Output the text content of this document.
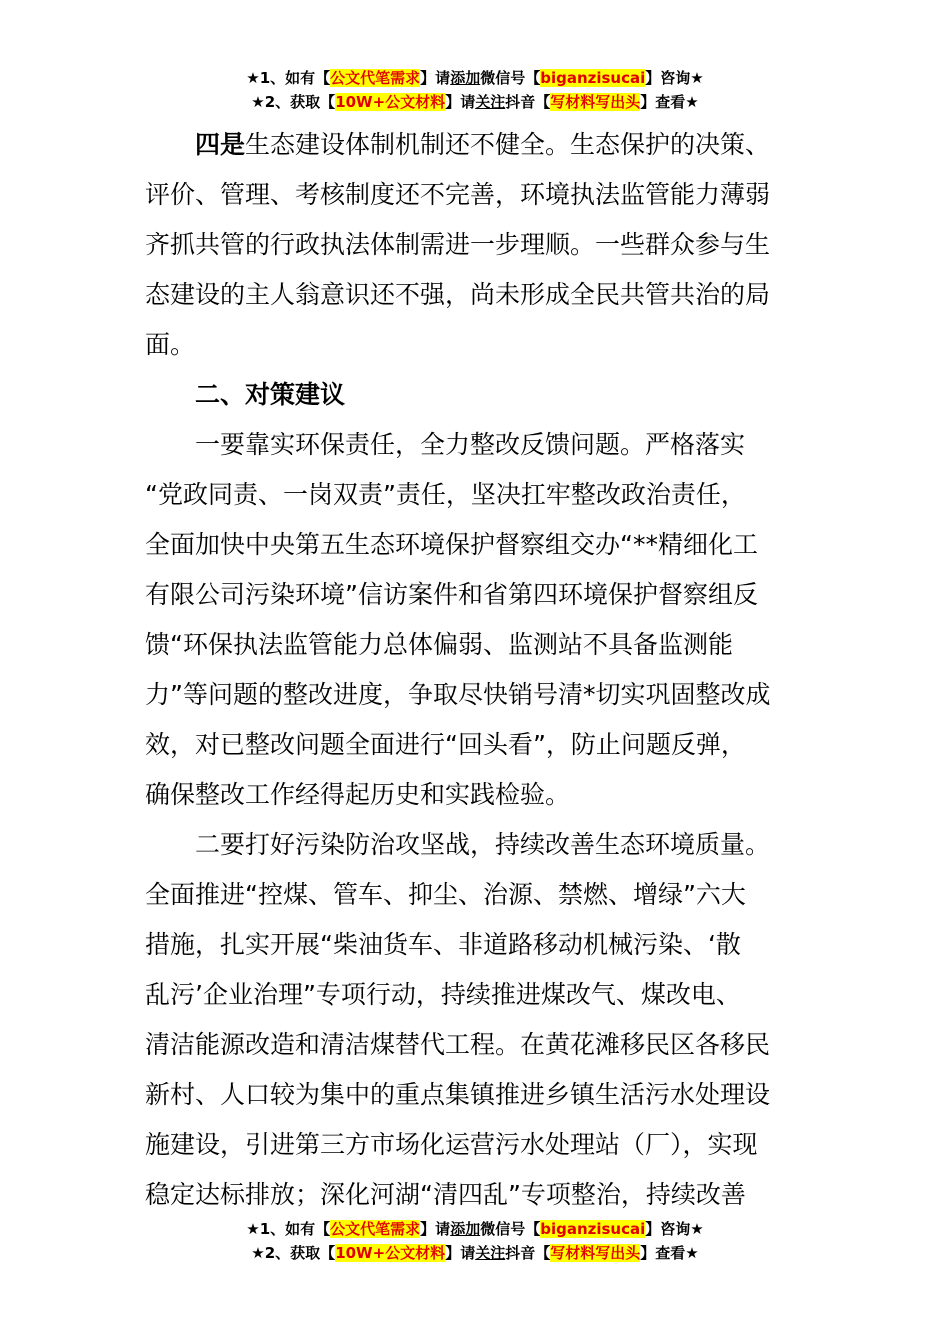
★1、如有【公文代笔需求】请添加微信号【biganzisucai】咨询★
★2、获取【10W+公文材料】请关注抖音【写材料写出头】查看★
四是生态建设体制机制还不健全。生态保护的决策、
评价、管理、考核制度还不完善，环境执法监管能力薄弱
齐抓共管的行政执法体制需进一步理顺。一些群众参与生
态建设的主人翁意识还不强，尚未形成全民共管共治的局
面。
二、对策建议
一要靠实环保责任，全力整改反馈问题。严格落实
“党政同责、一岗双责”责任，坚决扛牢整改政治责任，
全面加快中央第五生态环境保护督察组交办“**精细化工
有限公司污染环境”信访案件和省第四环境保护督察组反
馈“环保执法监管能力总体偏弱、监测站不具备监测能
力”等问题的整改进度，争取尽快销号清*切实巩固整改成
效，对已整改问题全面进行“回头看”，防止问题反弹，
确保整改工作经得起历史和实践检验。
二要打好污染防治攻坚战，持续改善生态环境质量。
全面推进“控煤、管车、抑尘、治源、禁燃、增绿”六大
措施，扎实开展“柴油货车、非道路移动机械污染、‘散
乱污’企业治理”专项行动，持续推进煤改气、煤改电、
清洁能源改造和清洁煤替代工程。在黄花滩移民区各移民
新村、人口较为集中的重点集镇推进乡镇生活污水处理设
施建设，引进第三方市场化运营污水处理站（厂），实现
稳定达标排放；深化河湖“清四乱”专项整治，持续改善
★1、如有【公文代笔需求】请添加微信号【biganzisucai】咨询★
★2、获取【10W+公文材料】请关注抖音【写材料写出头】查看★
